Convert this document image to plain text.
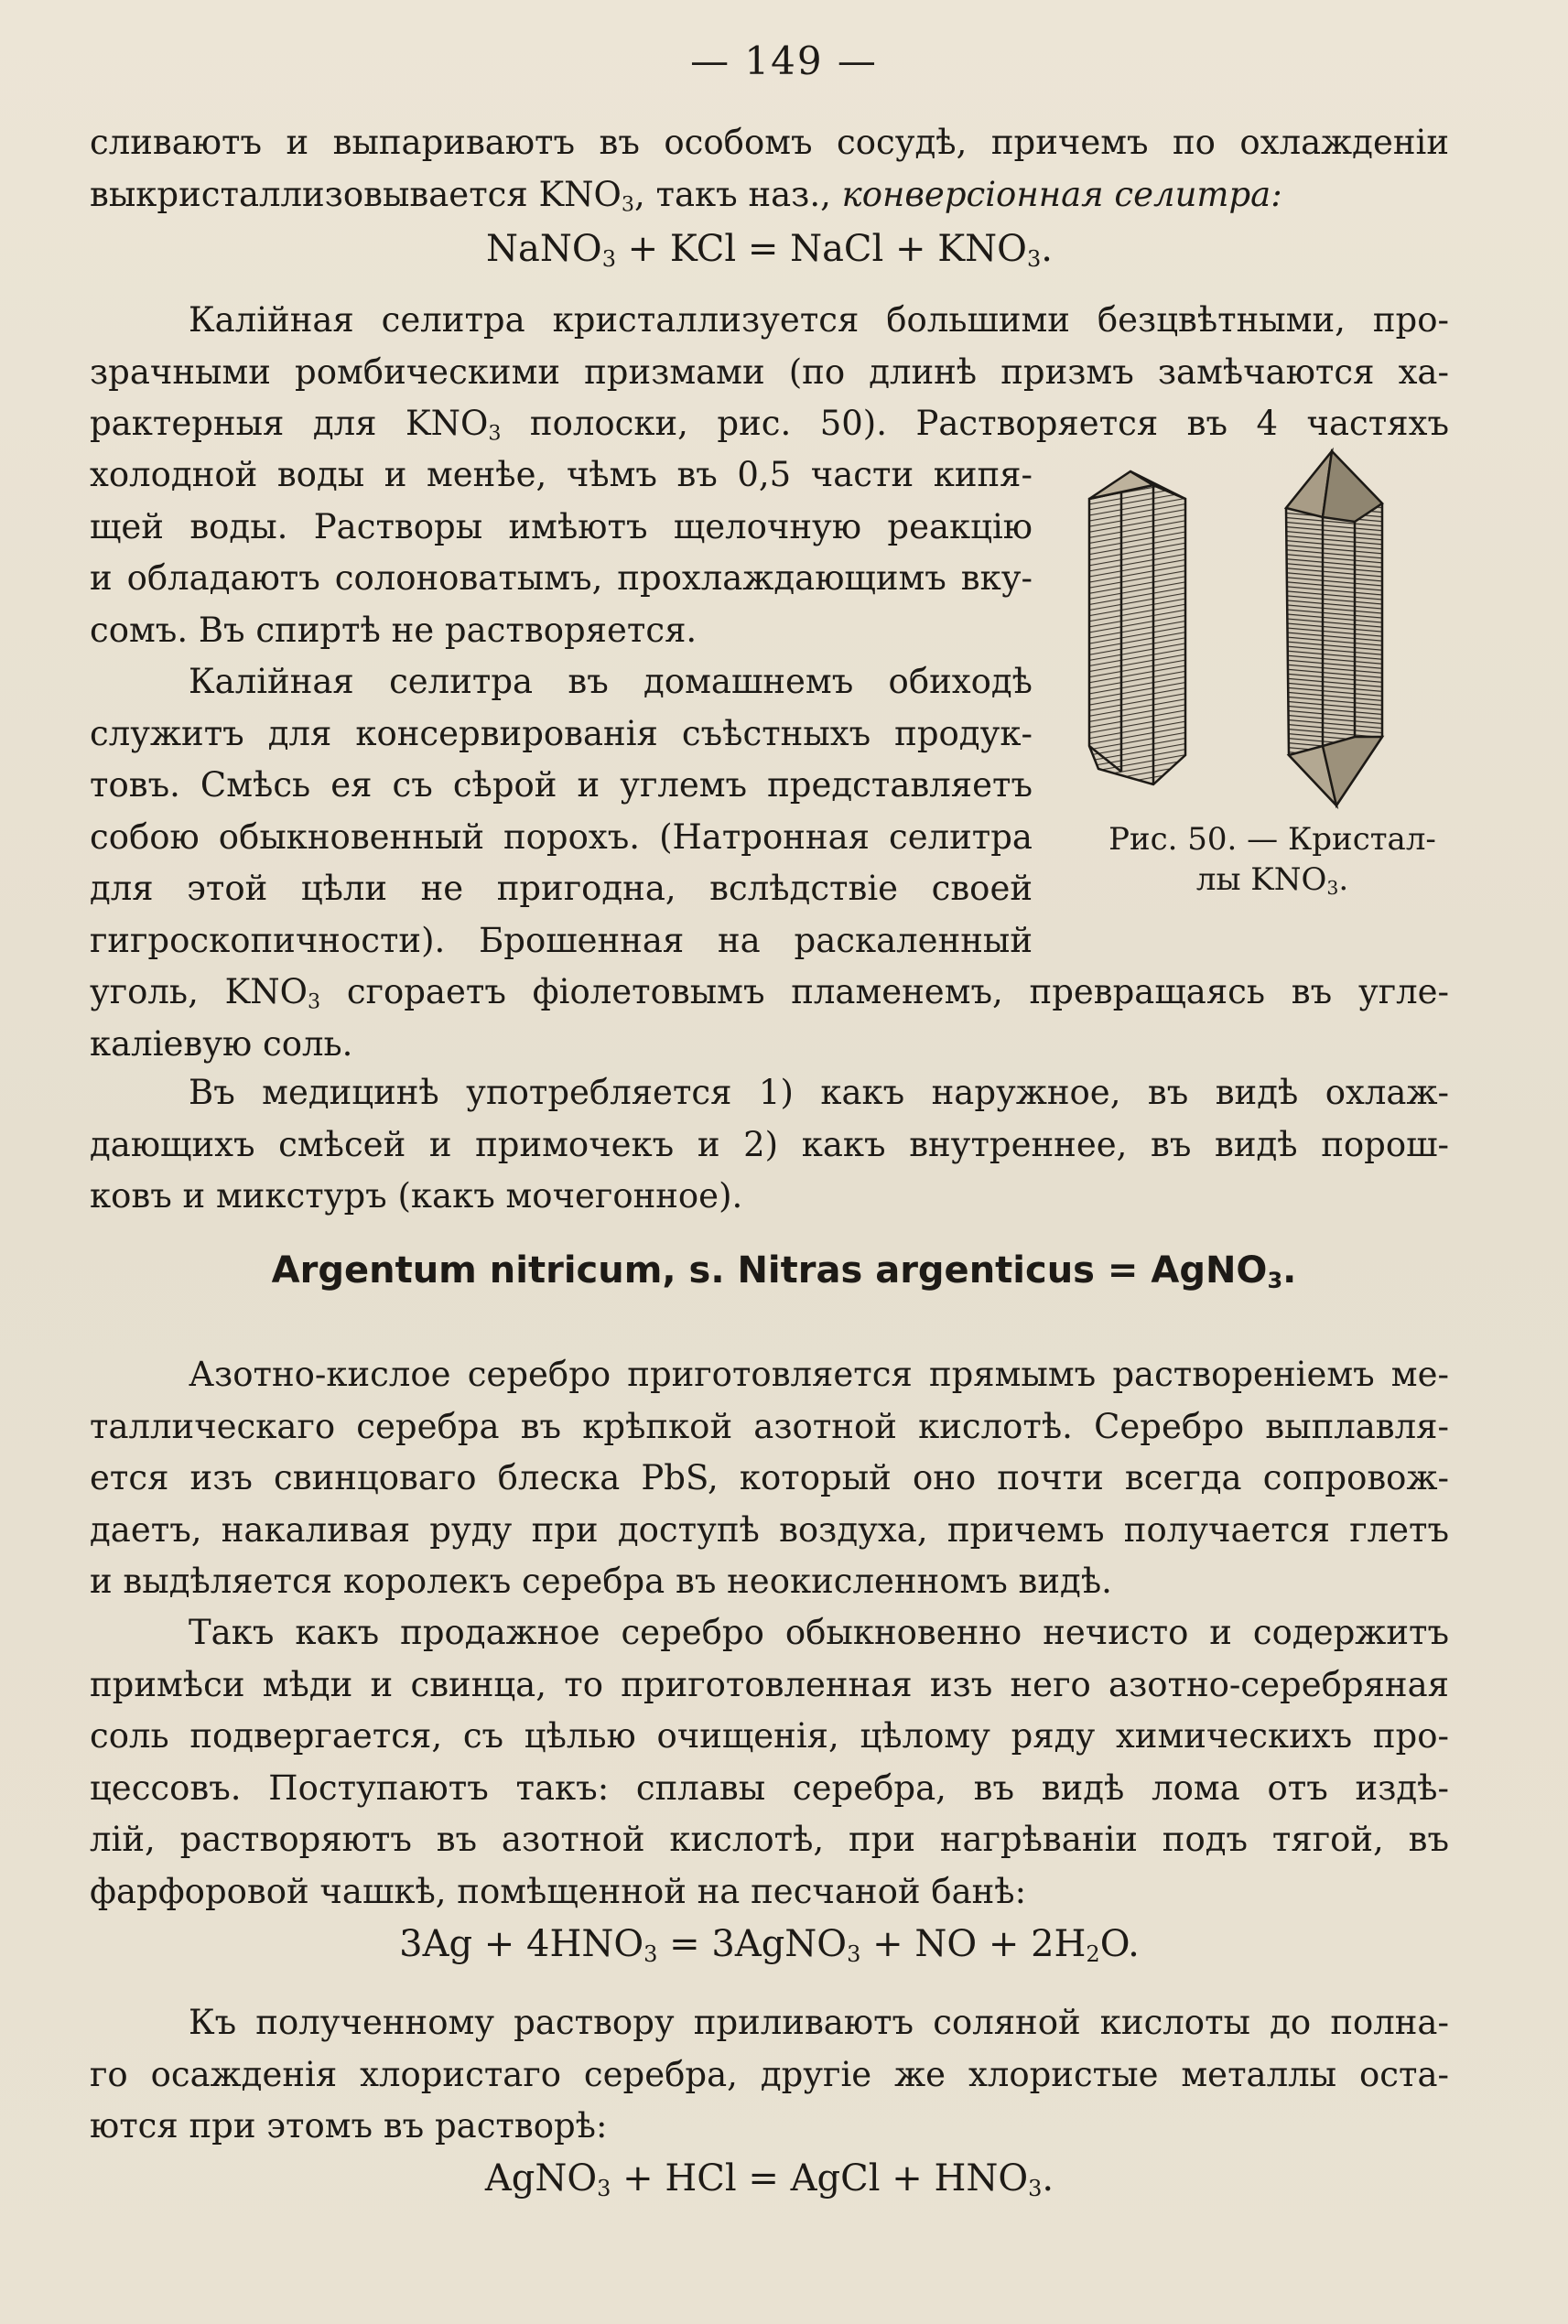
— 149 —
сливаютъ и выпариваютъ въ особомъ сосудѣ, причемъ по охлажденіи
выкристаллизовывается $KNO_3$, такъ наз., конверсіонная селитра:
NaNO$_3$ + KCl = NaCl + $KNO_3$.
Калійная селитра кристаллизуется большими безцвѣтными, про-
зрачными ромбическими призмами (по длинѣ призмъ замѣчаются ха-
рактерныя для $KNO_3$ полоски, рис. 50). Растворяется въ 4 частяхъ
холодной воды и менѣе, чѣмъ въ 0,5 части кипя-
щей воды. Растворы имѣютъ щелочную реакцію
и обладаютъ солоноватымъ, прохлаждающимъ вку-
сомъ. Въ спиртѣ не растворяется.
Калійная селитра въ домашнемъ обиходѣ
служитъ для консервированія съѣстныхъ продук-
товъ. Смѣсь ея съ сѣрой и углемъ представляетъ
собою обыкновенный порохъ. (Натронная селитра
для этой цѣли не пригодна, вслѣдствіе своей
гигроскопичности). Брошенная на раскаленный
уголь, $KNO_3$ сгораетъ фіолетовымъ пламенемъ, превращаясь въ угле-
каліевую соль.
Рис. 50. — Кристал-
лы $KNO_3$.
Въ медицинѣ употребляется 1) какъ наружное, въ видѣ охлаж-
дающихъ смѣсей и примочекъ и 2) какъ внутреннее, въ видѣ порош-
ковъ и микстуръ (какъ мочегонное).
Argentum nitricum, s. Nitras argenticus = AgNO$_3$.
Азотно-кислое серебро приготовляется прямымъ раствореніемъ ме-
таллическаго серебра въ крѣпкой азотной кислотѣ. Серебро выплавля-
ется изъ свинцоваго блеска PbS, который оно почти всегда сопровож-
даетъ, накаливая руду при доступѣ воздуха, причемъ получается глетъ
и выдѣляется королекъ серебра въ неокисленномъ видѣ.
Такъ какъ продажное серебро обыкновенно нечисто и содержитъ
примѣси мѣди и свинца, то приготовленная изъ него азотно-серебряная
соль подвергается, съ цѣлью очищенія, цѣлому ряду химическихъ про-
цессовъ. Поступаютъ такъ: сплавы серебра, въ видѣ лома отъ издѣ-
лій, растворяютъ въ азотной кислотѣ, при нагрѣваніи подъ тягой, въ
фарфоровой чашкѣ, помѣщенной на песчаной банѣ:
$3Ag + 4HNO_3$ = 3AgNO$_3$ + NO + $2H_2O$.
Къ полученному раствору приливаютъ соляной кислоты до полна-
го осажденія хлористаго серебра, другіе же хлористые металлы оста-
ются при этомъ въ растворѣ:
AgNO$_3$ + HCl = AgCl + $HNO_3$.
